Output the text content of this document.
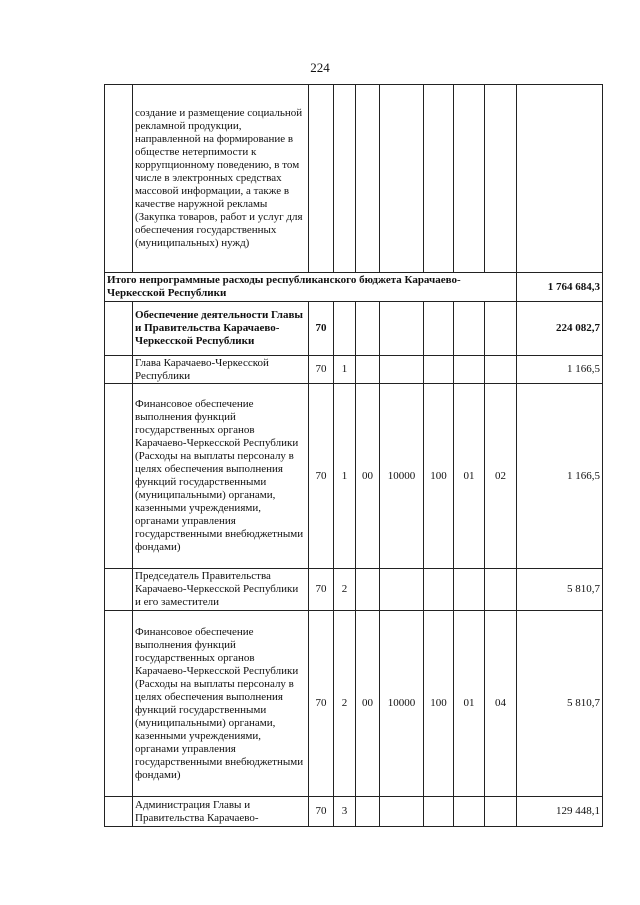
224
	создание и размещение социальной рекламной продукции, направленной на формирование в обществе нетерпимости к коррупционному поведению, в том числе в электронных средствах массовой информации, а также в качестве наружной рекламы (Закупка товаров, работ и услуг для обеспечения государственных (муниципальных) нужд)								
Итого непрограммные расходы республиканского бюджета Карачаево-Черкесской Республики									1 764 684,3
	Обеспечение деятельности Главы и Правительства Карачаево-Черкесской Республики	70							224 082,7
	Глава Карачаево-Черкесской Республики	70	1						1 166,5
	Финансовое обеспечение выполнения функций государственных органов Карачаево-Черкесской Республики (Расходы на выплаты персоналу в целях обеспечения выполнения функций государственными (муниципальными) органами, казенными учреждениями, органами управления государственными внебюджетными фондами)	70	1	00	10000	100	01	02	1 166,5
	Председатель Правительства Карачаево-Черкесской Республики и его заместители	70	2						5 810,7
	Финансовое обеспечение выполнения функций государственных органов Карачаево-Черкесской Республики (Расходы на выплаты персоналу в целях обеспечения выполнения функций государственными (муниципальными) органами, казенными учреждениями, органами управления государственными внебюджетными фондами)	70	2	00	10000	100	01	04	5 810,7
	Администрация Главы и Правительства Карачаево-	70	3						129 448,1
